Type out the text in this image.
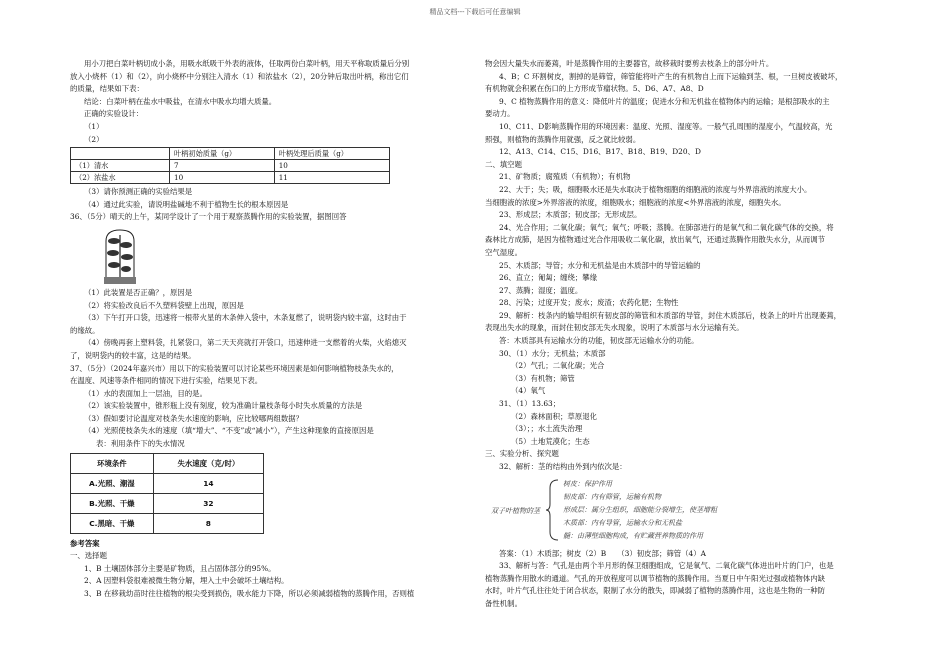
精品文档---下载后可任意编辑

用小刀把白菜叶柄切成小条，用吸水纸吸干外表的液体，任取两份白菜叶柄，用天平称取质量后分别

放入小烧杯（1）和（2），向小烧杯中分别注入清水（1）和浓盐水（2），20分钟后取出叶柄，称出它们

的质量，结果如下表：

结论：白菜叶柄在盐水中吸盐，在清水中吸水均增大质量。

正确的实验设计：

（1）

（2）

	叶柄初始质量（g）	叶柄处理后质量（g）
（1）清水	7	10
（2）浓盐水	10	11

（3）请你预测正确的实验结果是

（4）通过此实验，请说明盐碱地不利于植物生长的根本原因是

36、（5分）晴天的上午，某同学设计了一个用于观察蒸腾作用的实验装置，据图回答

（1）此装置是否正确？，原因是

（2）将实验改良后不久塑料袋壁上出现，原因是

（3）下午打开口袋，迅速将一根带火星的木条伸入袋中，木条复燃了，说明袋内较丰富，这时由于

的缘故。

（4）傍晚再套上塑料袋，扎紧袋口，第二天天亮就打开袋口，迅速伸进一支燃着的火柴，火焰熄灭

了，说明袋内的较丰富，这是的结果。

37、（5分）（2024年嘉兴市）用以下的实验装置可以讨论某些环境因素是如何影响植物枝条失水的，

在温度、风速等条件相同的情况下进行实验，结果见下表。

（1）水的表面加上一层油，目的是。

（2）该实验装置中，锥形瓶上没有刻度，较为准确计量枝条每小时失水质量的方法是

（3）假如要讨论温度对枝条失水速度的影响，应比较哪两组数据？

（4）光照使枝条失水的速度（填“增大”、“不变”或“减小”），产生这种现象的直接原因是

表：利用条件下的失水情况

环境条件	失水速度（克/时）
A.光照、潮湿	14
B.光照、干燥	32
C.黑暗、干燥	8

参考答案

一、选择题

1、B 土壤固体部分主要是矿物质，且占固体部分的95%。

2、A 因塑料袋很难被微生物分解，埋入土中会破坏土壤结构。

3、B 在移栽幼苗时往往植物的根尖受到损伤，吸水能力下降，所以必须减弱植物的蒸腾作用，否则植

物会因大量失水而萎蔫，叶是蒸腾作用的主要器官，故移栽时要剪去枝条上的部分叶片。

4、B；C 环割树皮，割掉的是筛管，筛管能将叶产生的有机物自上而下运输到茎、根，一旦树皮被破坏，

有机物就会积累在伤口的上方形成节瘤状物。5、D6、A7、A8、D

9、C 植物蒸腾作用的意义：降低叶片的温度；促进水分和无机盐在植物体内的运输；是根部吸水的主

要动力。

10、C11、D影响蒸腾作用的环境因素：温度、光照、湿度等。一般气孔周围的湿度小，气温较高，光

照强，则植物的蒸腾作用就强，反之就比较弱。

12、A13、C14、C15、D16、B17、B18、B19、D20、D

二、填空题

21、矿物质；腐殖质（有机物）；有机物

22、大于；失；吸，细胞吸水还是失水取决于植物细胞的细胞液的浓度与外界溶液的浓度大小。

当细胞液的浓度>外界溶液的浓度，细胞吸水；细胞液的浓度<外界溶液的浓度，细胞失水。

23、形成层；木质部；韧皮部；无形成层。

24、光合作用；二氧化碳；氧气；氧气；呼吸；蒸腾。在肺部进行的是氧气和二氧化碳气体的交换，将

森林比方成肺，是因为植物通过光合作用吸收二氧化碳，放出氧气，还通过蒸腾作用散失水分，从而调节

空气湿度。

25、木质部；导管；水分和无机盐是由木质部中的导管运输的

26、直立；匍匐；缠绕；攀缘

27、蒸腾；湿度；温度。

28、污染；过度开发；废水；废渣；农药化肥；生物性

29、解析：枝条内的输导组织有韧皮部的筛管和木质部的导管，封住木质部后，枝条上的叶片出现萎蔫，

表现出失水的现象，而封住韧皮部无失水现象，说明了木质部与水分运输有关。

答：木质部具有运输水分的功能，韧皮部无运输水分的功能。

30、（1）水分；无机盐；木质部

（2）气孔；二氧化碳；光合

（3）有机物；筛管

（4）氧气

31、（1）13.63；

（2）森林面积；草原退化

（3）；；水土流失治理

（5）土地荒漠化；生态

三、实验分析、探究题

32、解析：茎的结构由外到内依次是：

双子叶植物的茎
树皮：保护作用
韧皮部：内有筛管，运输有机物
形成层：属分生组织，细胞能分裂增生，使茎增粗
木质部：内有导管，运输水分和无机盐
髓：由薄壁细胞构成，有贮藏营养物质的作用

答案：（1）木质部；树皮（2）B　　（3）韧皮部；筛管（4）A

33、解析与答：气孔是由两个半月形的保卫细胞组成，它是氧气、二氧化碳气体进出叶片的门户，也是

植物蒸腾作用散水的通道。气孔的开放程度可以调节植物的蒸腾作用。当夏日中午阳光过强或植物体内缺

水时，叶片气孔往往处于闭合状态，限制了水分的散失，即减弱了植物的蒸腾作用，这也是生物的一种防

备性机制。
